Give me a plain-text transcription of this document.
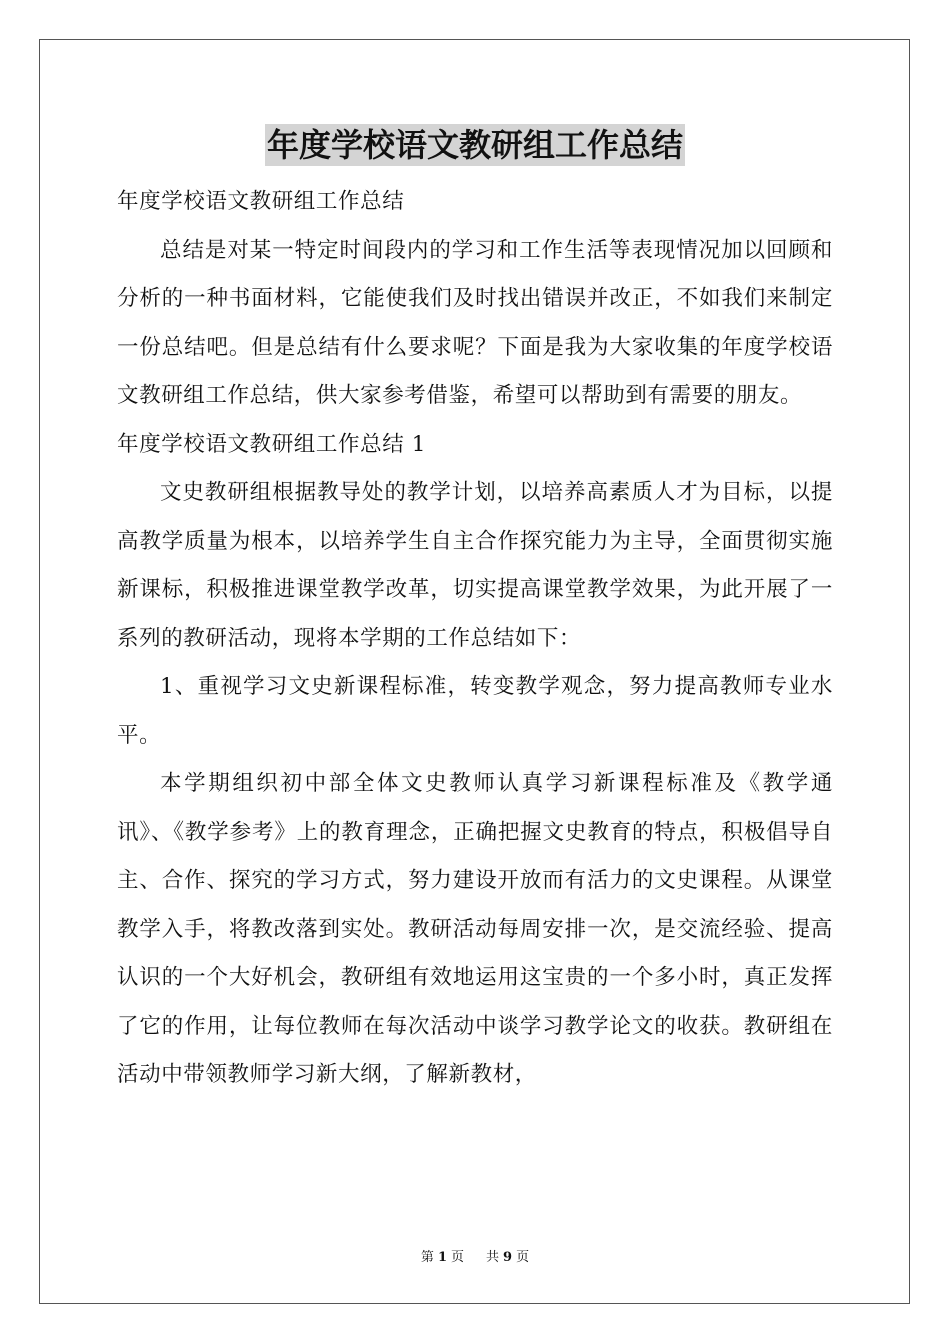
年度学校语文教研组工作总结

年度学校语文教研组工作总结

总结是对某一特定时间段内的学习和工作生活等表现情况加以回顾和分析的一种书面材料，它能使我们及时找出错误并改正，不如我们来制定一份总结吧。但是总结有什么要求呢？下面是我为大家收集的年度学校语文教研组工作总结，供大家参考借鉴，希望可以帮助到有需要的朋友。

年度学校语文教研组工作总结 1

文史教研组根据教导处的教学计划，以培养高素质人才为目标，以提高教学质量为根本，以培养学生自主合作探究能力为主导，全面贯彻实施新课标，积极推进课堂教学改革，切实提高课堂教学效果，为此开展了一系列的教研活动，现将本学期的工作总结如下：

1、重视学习文史新课程标准，转变教学观念，努力提高教师专业水平。

本学期组织初中部全体文史教师认真学习新课程标准及《教学通讯》、《教学参考》上的教育理念，正确把握文史教育的特点，积极倡导自主、合作、探究的学习方式，努力建设开放而有活力的文史课程。从课堂教学入手，将教改落到实处。教研活动每周安排一次，是交流经验、提高认识的一个大好机会，教研组有效地运用这宝贵的一个多小时，真正发挥了它的作用，让每位教师在每次活动中谈学习教学论文的收获。教研组在活动中带领教师学习新大纲，了解新教材，

第 1 页 共 9 页
